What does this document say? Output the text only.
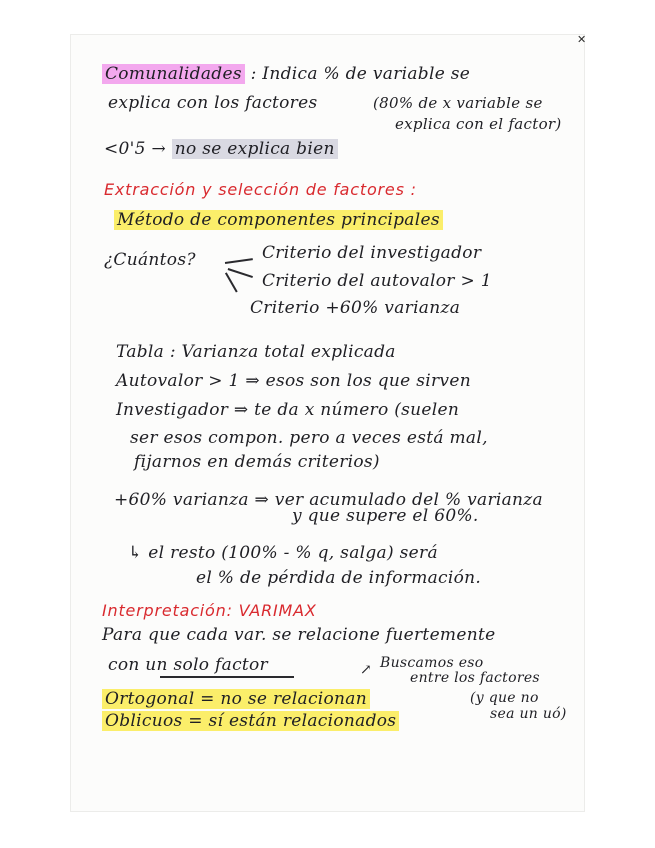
✕
Comunalidades : Indica % de variable se
explica con los factores	(80% de x variable se
explica con el factor)
<0'5 → no se explica bien
Extracción y selección de factores :
Método de componentes principales
¿Cuántos?	Criterio del investigador
Criterio del autovalor > 1
Criterio +60% varianza
Tabla : Varianza total explicada
Autovalor > 1 ⇒ esos son los que sirven
Investigador ⇒ te da x número (suelen
ser esos compon. pero a veces está mal,
fijarnos en demás criterios)
+60% varianza ⇒ ver acumulado del % varianza
y que supere el 60%.
↳ el resto (100% - % q, salga) será
el % de pérdida de información.
Interpretación: VARIMAX
Para que cada var. se relacione fuertemente
con un solo factor	↗ Buscamos eso
entre los factores
Ortogonal = no se relacionan
Oblicuos = sí están relacionados
(y que no
sea un uó)
